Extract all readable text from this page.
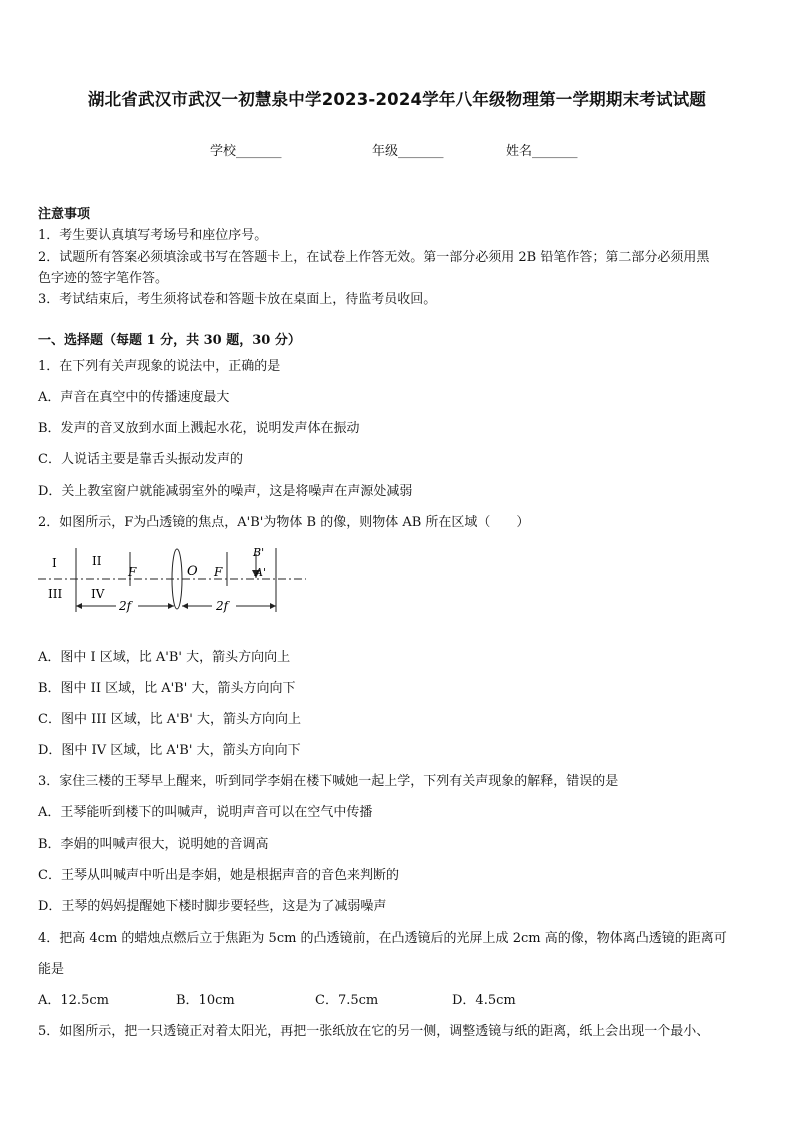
湖北省武汉市武汉一初慧泉中学2023-2024学年八年级物理第一学期期末考试试题
学校_______	年级_______	姓名_______
注意事项
1．考生要认真填写考场号和座位序号。
2．试题所有答案必须填涂或书写在答题卡上，在试卷上作答无效。第一部分必须用 2B 铅笔作答；第二部分必须用黑
色字迹的签字笔作答。
3．考试结束后，考生须将试卷和答题卡放在桌面上，待监考员收回。
一、选择题（每题 1 分，共 30 题，30 分）
1．在下列有关声现象的说法中，正确的是
A．声音在真空中的传播速度最大
B．发声的音叉放到水面上溅起水花，说明发声体在振动
C．人说话主要是靠舌头振动发声的
D．关上教室窗户就能减弱室外的噪声，这是将噪声在声源处减弱
2．如图所示，F为凸透镜的焦点，A'B'为物体 B 的像，则物体 AB 所在区域（　　）
I	II
III IV
F	O F
B'
A'
2f	2f
A．图中 I 区域，比 A'B' 大，箭头方向向上
B．图中 II 区域，比 A'B' 大，箭头方向向下
C．图中 III 区域，比 A'B' 大，箭头方向向上
D．图中 IV 区域，比 A'B' 大，箭头方向向下
3．家住三楼的王琴早上醒来，听到同学李娟在楼下喊她一起上学，下列有关声现象的解释，错误的是
A．王琴能听到楼下的叫喊声，说明声音可以在空气中传播
B．李娟的叫喊声很大，说明她的音调高
C．王琴从叫喊声中听出是李娟，她是根据声音的音色来判断的
D．王琴的妈妈提醒她下楼时脚步要轻些，这是为了减弱噪声
4．把高 4cm 的蜡烛点燃后立于焦距为 5cm 的凸透镜前，在凸透镜后的光屏上成 2cm 高的像，物体离凸透镜的距离可
能是
A．12.5cm	B．10cm	C．7.5cm	D．4.5cm
5．如图所示，把一只透镜正对着太阳光，再把一张纸放在它的另一侧，调整透镜与纸的距离，纸上会出现一个最小、
